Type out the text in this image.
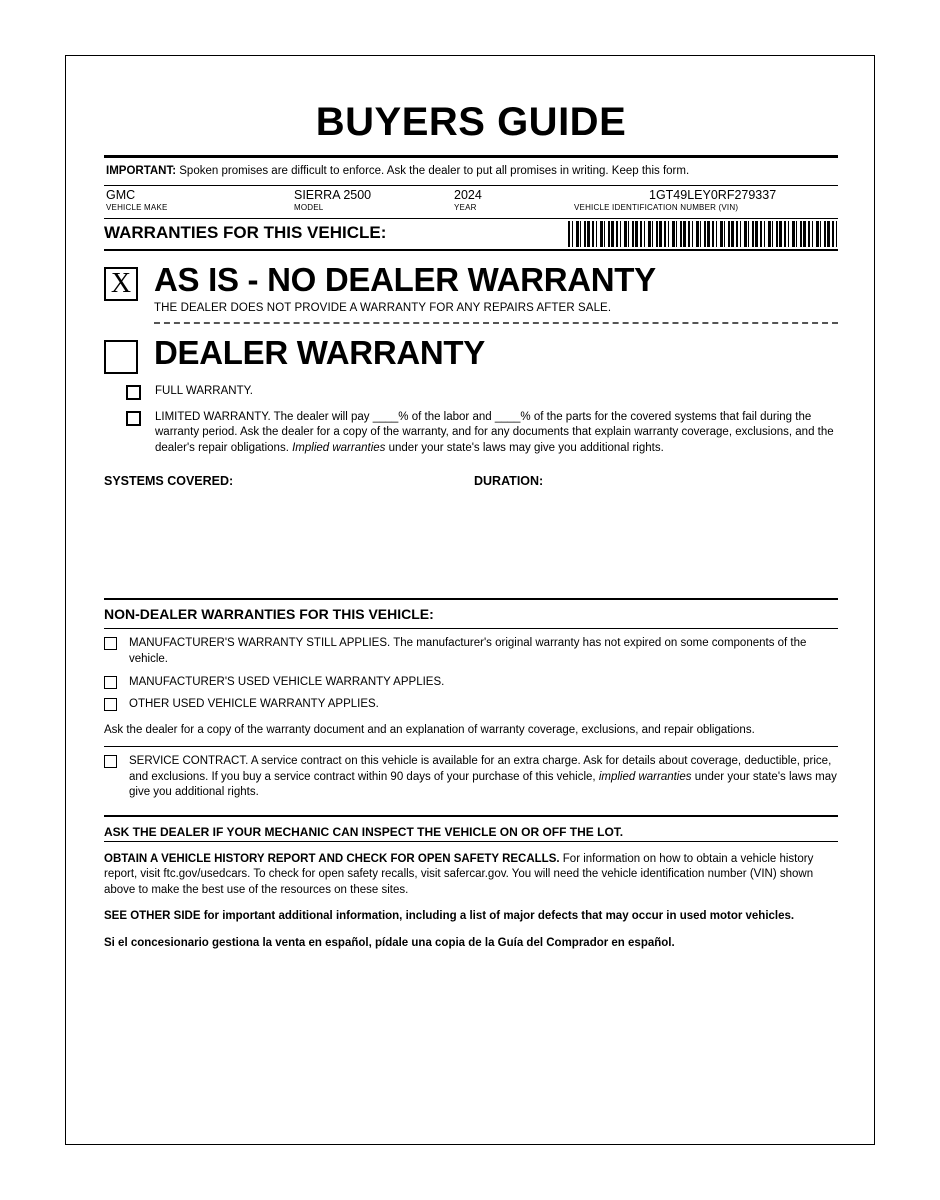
BUYERS GUIDE
IMPORTANT: Spoken promises are difficult to enforce. Ask the dealer to put all promises in writing. Keep this form.
GMC
VEHICLE MAKE
SIERRA 2500
MODEL
2024
YEAR
1GT49LEY0RF279337
VEHICLE IDENTIFICATION NUMBER (VIN)
WARRANTIES FOR THIS VEHICLE:
X AS IS - NO DEALER WARRANTY
THE DEALER DOES NOT PROVIDE A WARRANTY FOR ANY REPAIRS AFTER SALE.
DEALER WARRANTY
FULL WARRANTY.
LIMITED WARRANTY. The dealer will pay ____% of the labor and ____% of the parts for the covered systems that fail during the warranty period. Ask the dealer for a copy of the warranty, and for any documents that explain warranty coverage, exclusions, and the dealer's repair obligations. Implied warranties under your state's laws may give you additional rights.
SYSTEMS COVERED:	DURATION:
NON-DEALER WARRANTIES FOR THIS VEHICLE:
MANUFACTURER'S WARRANTY STILL APPLIES. The manufacturer's original warranty has not expired on some components of the vehicle.
MANUFACTURER'S USED VEHICLE WARRANTY APPLIES.
OTHER USED VEHICLE WARRANTY APPLIES.
Ask the dealer for a copy of the warranty document and an explanation of warranty coverage, exclusions, and repair obligations.
SERVICE CONTRACT. A service contract on this vehicle is available for an extra charge. Ask for details about coverage, deductible, price, and exclusions. If you buy a service contract within 90 days of your purchase of this vehicle, implied warranties under your state's laws may give you additional rights.
ASK THE DEALER IF YOUR MECHANIC CAN INSPECT THE VEHICLE ON OR OFF THE LOT.
OBTAIN A VEHICLE HISTORY REPORT AND CHECK FOR OPEN SAFETY RECALLS. For information on how to obtain a vehicle history report, visit ftc.gov/usedcars. To check for open safety recalls, visit safercar.gov. You will need the vehicle identification number (VIN) shown above to make the best use of the resources on these sites.
SEE OTHER SIDE for important additional information, including a list of major defects that may occur in used motor vehicles.
Si el concesionario gestiona la venta en español, pídale una copia de la Guía del Comprador en español.
